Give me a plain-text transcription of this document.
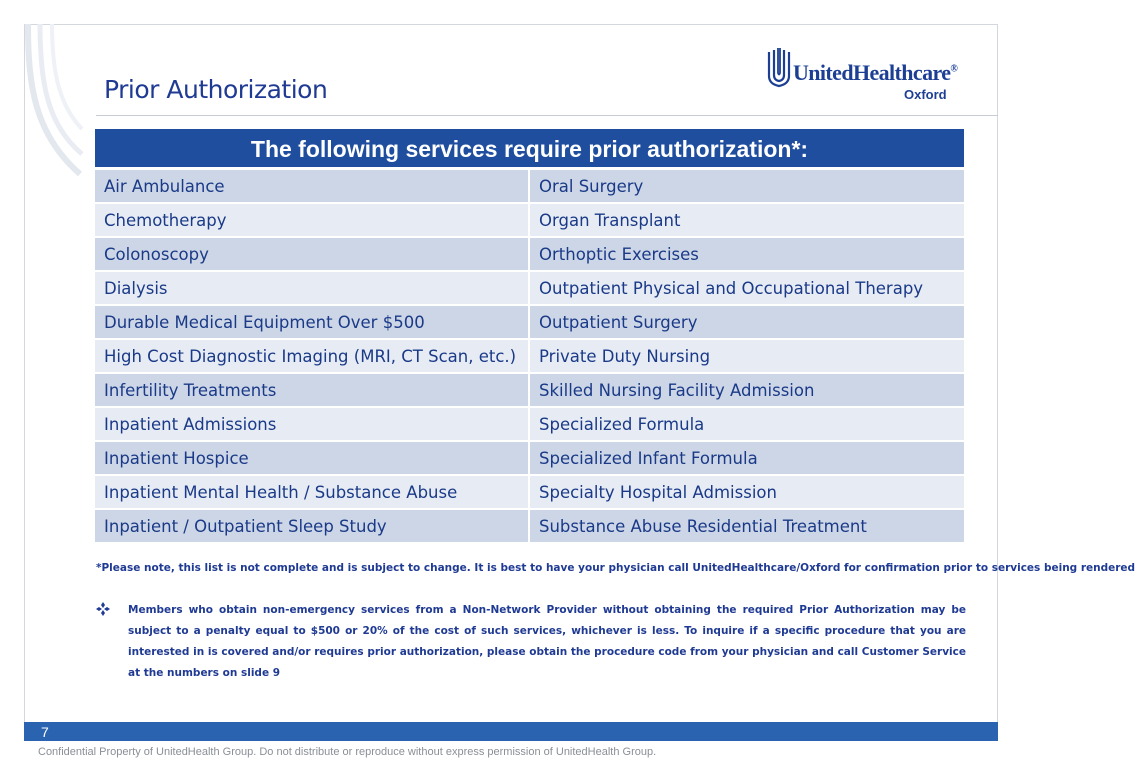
Prior Authorization
UnitedHealthcare®
Oxford
The following services require prior authorization*:
Air Ambulance	Oral Surgery
Chemotherapy	Organ Transplant
Colonoscopy	Orthoptic Exercises
Dialysis	Outpatient Physical and Occupational Therapy
Durable Medical Equipment Over $500	Outpatient Surgery
High Cost Diagnostic Imaging (MRI, CT Scan, etc.)	Private Duty Nursing
Infertility Treatments	Skilled Nursing Facility Admission
Inpatient Admissions	Specialized Formula
Inpatient Hospice	Specialized Infant Formula
Inpatient Mental Health / Substance Abuse	Specialty Hospital Admission
Inpatient / Outpatient Sleep Study	Substance Abuse Residential Treatment

*Please note, this list is not complete and is subject to change. It is best to have your physician call UnitedHealthcare/Oxford for confirmation prior to services being rendered

Members who obtain non-emergency services from a Non-Network Provider without obtaining the required Prior Authorization may be subject to a penalty equal to $500 or 20% of the cost of such services, whichever is less. To inquire if a specific procedure that you are interested in is covered and/or requires prior authorization, please obtain the procedure code from your physician and call Customer Service at the numbers on slide 9

7
Confidential Property of UnitedHealth Group. Do not distribute or reproduce without express permission of UnitedHealth Group.
